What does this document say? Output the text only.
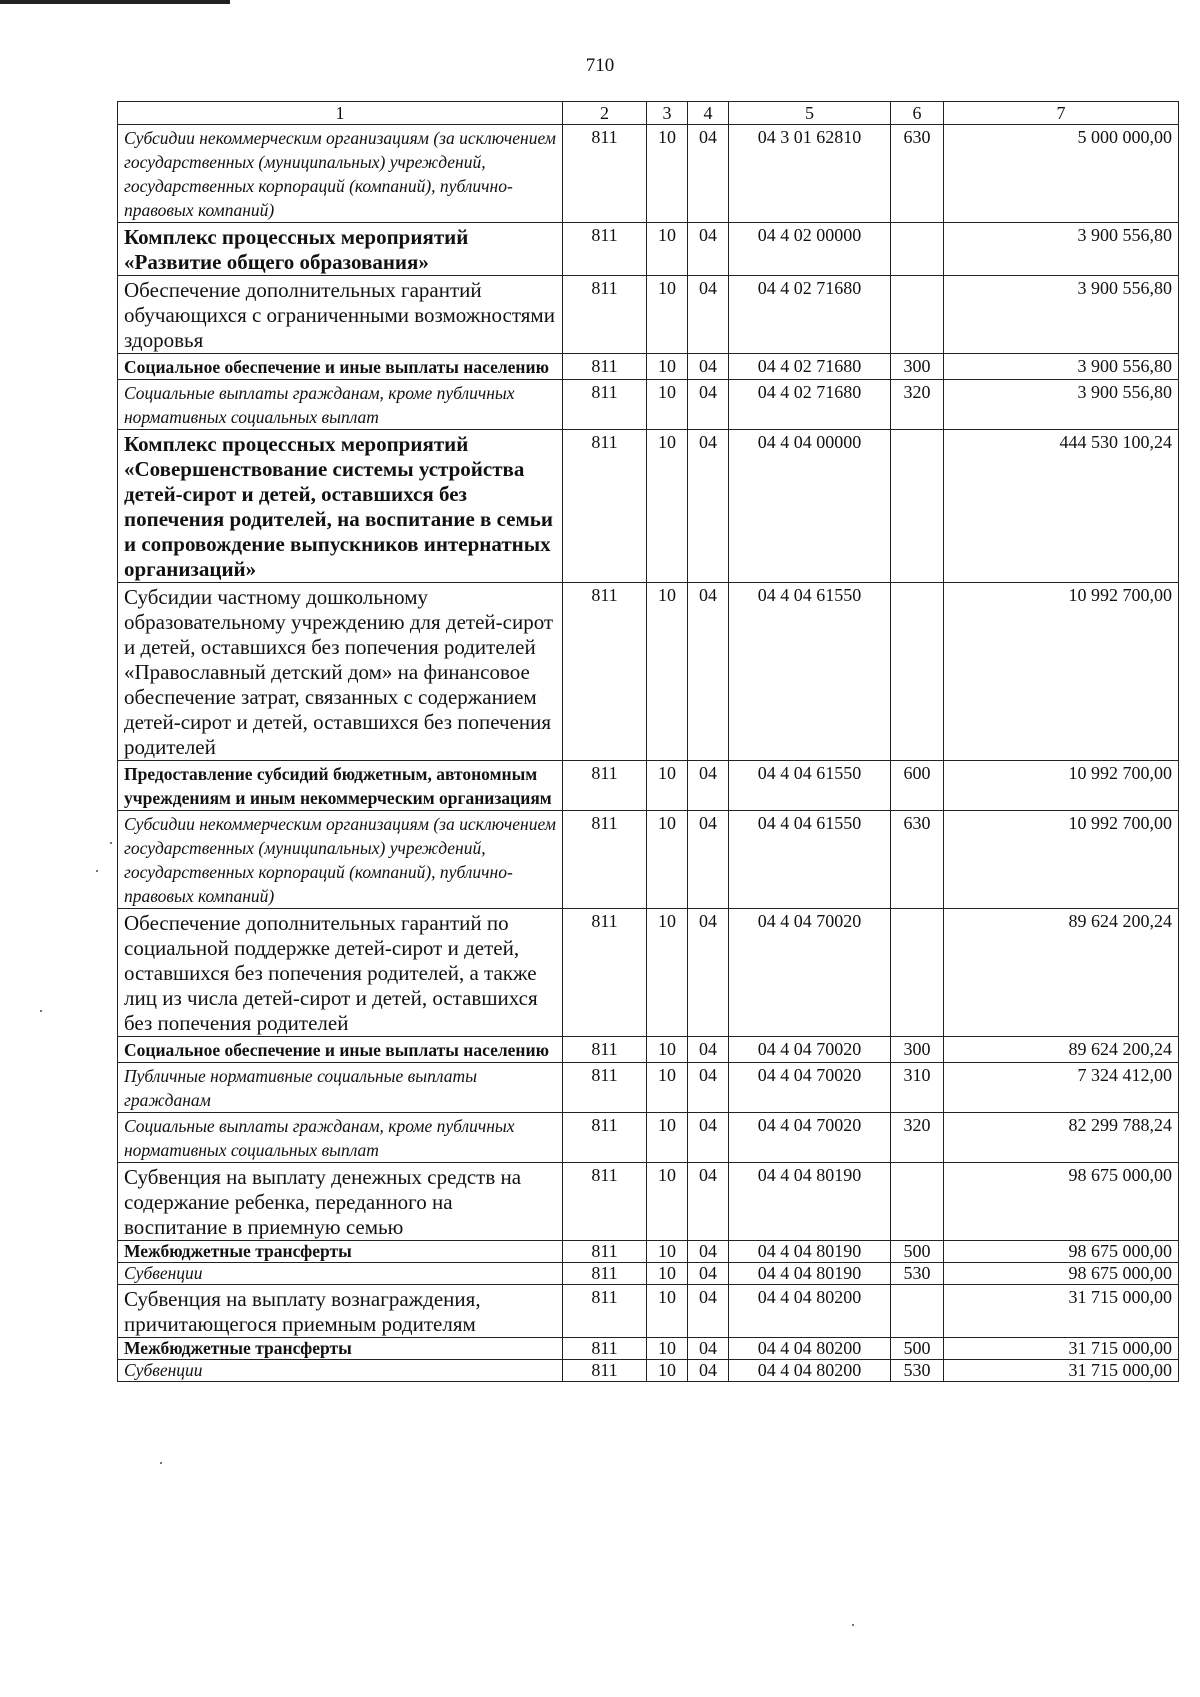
710
1	2	3	4	5	6	7
Субсидии некоммерческим организациям (за исключением государственных (муниципальных) учреждений, государственных корпораций (компаний), публично-правовых компаний)	811	10	04	04 3 01 62810	630	5 000 000,00
Комплекс процессных мероприятий «Развитие общего образования»	811	10	04	04 4 02 00000		3 900 556,80
Обеспечение дополнительных гарантий обучающихся с ограниченными возможностями здоровья	811	10	04	04 4 02 71680		3 900 556,80
Социальное обеспечение и иные выплаты населению	811	10	04	04 4 02 71680	300	3 900 556,80
Социальные выплаты гражданам, кроме публичных нормативных социальных выплат	811	10	04	04 4 02 71680	320	3 900 556,80
Комплекс процессных мероприятий «Совершенствование системы устройства детей-сирот и детей, оставшихся без попечения родителей, на воспитание в семьи и сопровождение выпускников интернатных организаций»	811	10	04	04 4 04 00000		444 530 100,24
Субсидии частному дошкольному образовательному учреждению для детей-сирот и детей, оставшихся без попечения родителей «Православный детский дом» на финансовое обеспечение затрат, связанных с содержанием детей-сирот и детей, оставшихся без попечения родителей	811	10	04	04 4 04 61550		10 992 700,00
Предоставление субсидий бюджетным, автономным учреждениям и иным некоммерческим организациям	811	10	04	04 4 04 61550	600	10 992 700,00
Субсидии некоммерческим организациям (за исключением государственных (муниципальных) учреждений, государственных корпораций (компаний), публично-правовых компаний)	811	10	04	04 4 04 61550	630	10 992 700,00
Обеспечение дополнительных гарантий по социальной поддержке детей-сирот и детей, оставшихся без попечения родителей, а также лиц из числа детей-сирот и детей, оставшихся без попечения родителей	811	10	04	04 4 04 70020		89 624 200,24
Социальное обеспечение и иные выплаты населению	811	10	04	04 4 04 70020	300	89 624 200,24
Публичные нормативные социальные выплаты гражданам	811	10	04	04 4 04 70020	310	7 324 412,00
Социальные выплаты гражданам, кроме публичных нормативных социальных выплат	811	10	04	04 4 04 70020	320	82 299 788,24
Субвенция на выплату денежных средств на содержание ребенка, переданного на воспитание в приемную семью	811	10	04	04 4 04 80190		98 675 000,00
Межбюджетные трансферты	811	10	04	04 4 04 80190	500	98 675 000,00
Субвенции	811	10	04	04 4 04 80190	530	98 675 000,00
Субвенция на выплату вознаграждения, причитающегося приемным родителям	811	10	04	04 4 04 80200		31 715 000,00
Межбюджетные трансферты	811	10	04	04 4 04 80200	500	31 715 000,00
Субвенции	811	10	04	04 4 04 80200	530	31 715 000,00
